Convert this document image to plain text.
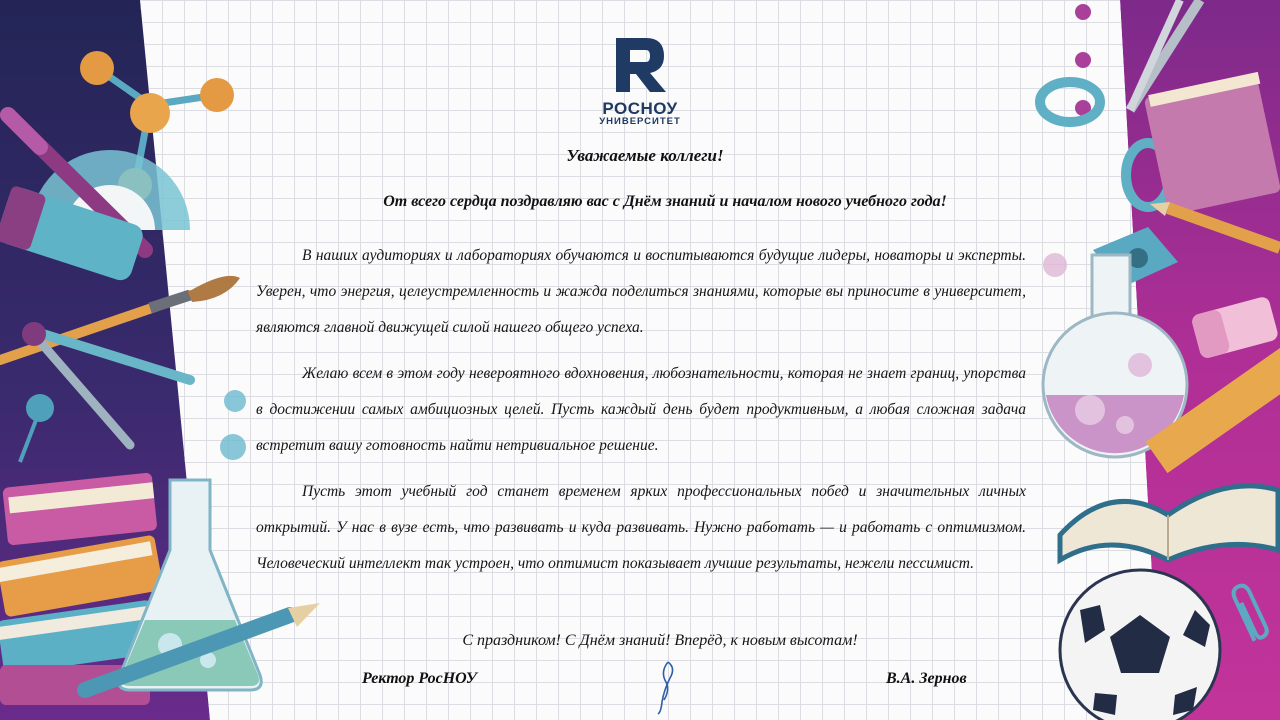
РОСНОУ
УНИВЕРСИТЕТ
Уважаемые коллеги!
От всего сердца поздравляю вас с Днём знаний и началом нового учебного года!

В наших аудиториях и лабораториях обучаются и воспитываются будущие лидеры, новаторы и эксперты. Уверен, что энергия, целеустремленность и жажда поделиться знаниями, которые вы приносите в университет, являются главной движущей силой нашего общего успеха.

Желаю всем в этом году невероятного вдохновения, любознательности, которая не знает границ, упорства в достижении самых амбициозных целей. Пусть каждый день будет продуктивным, а любая сложная задача встретит вашу готовность найти нетривиальное решение.

Пусть этот учебный год станет временем ярких профессиональных побед и значительных личных открытий. У нас в вузе есть, что развивать и куда развивать. Нужно работать — и работать с оптимизмом. Человеческий интеллект так устроен, что оптимист показывает лучшие результаты, нежели пессимист.

С праздником! С Днём знаний! Вперёд, к новым высотам!
Ректор РосНОУ	В.А. Зернов
